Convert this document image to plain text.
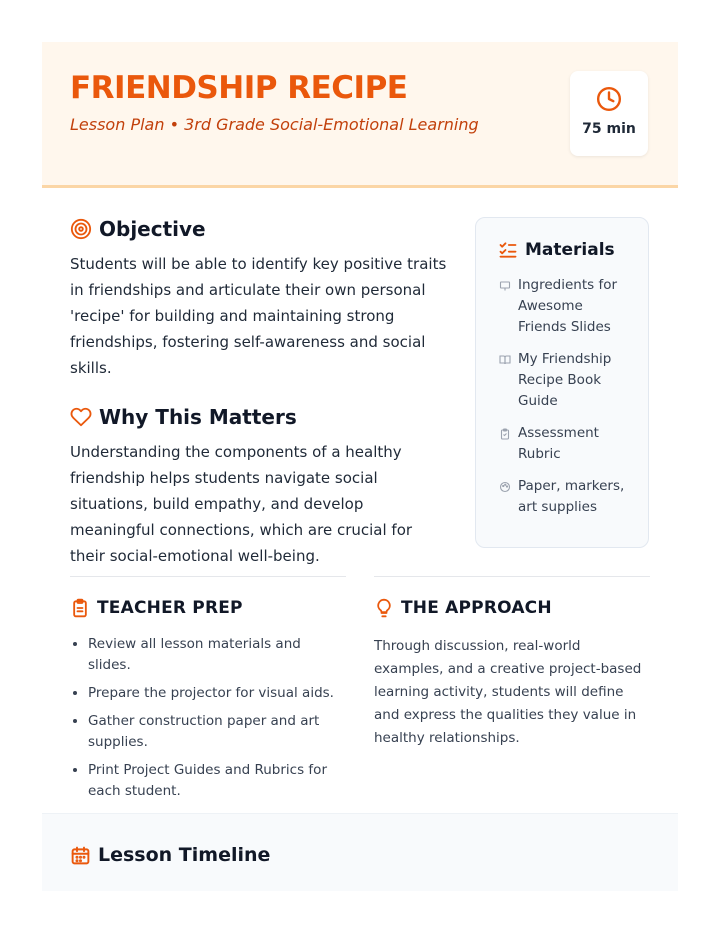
FRIENDSHIP RECIPE
Lesson Plan • 3rd Grade Social-Emotional Learning	75 min
Objective

Students will be able to identify key positive traits in friendships and articulate their own personal 'recipe' for building and maintaining strong friendships, fostering self-awareness and social skills.

Why This Matters

Understanding the components of a healthy friendship helps students navigate social situations, build empathy, and develop meaningful connections, which are crucial for their social-emotional well-being.

Materials
Ingredients for Awesome Friends Slides
My Friendship Recipe Book Guide
Assessment Rubric
Paper, markers, art supplies
TEACHER PREP
• Review all lesson materials and slides.
• Prepare the projector for visual aids.
• Gather construction paper and art supplies.
• Print Project Guides and Rubrics for each student.
THE APPROACH

Through discussion, real-world examples, and a creative project-based learning activity, students will define and express the qualities they value in healthy relationships.

Lesson Timeline
